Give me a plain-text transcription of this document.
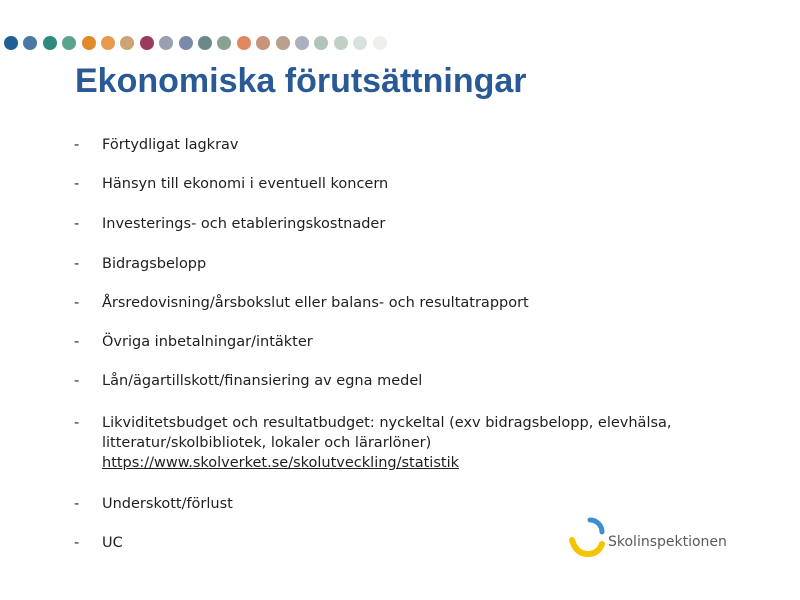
Ekonomiska förutsättningar
- Förtydligat lagkrav
- Hänsyn till ekonomi i eventuell koncern
- Investerings- och etableringskostnader
- Bidragsbelopp
- Årsredovisning/årsbokslut eller balans- och resultatrapport
- Övriga inbetalningar/intäkter
- Lån/ägartillskott/finansiering av egna medel
- Likviditetsbudget och resultatbudget: nyckeltal (exv bidragsbelopp, elevhälsa,
litteratur/skolbibliotek, lokaler och lärarlöner)
https://www.skolverket.se/skolutveckling/statistik
- Underskott/förlust
- UC	Skolinspektionen
